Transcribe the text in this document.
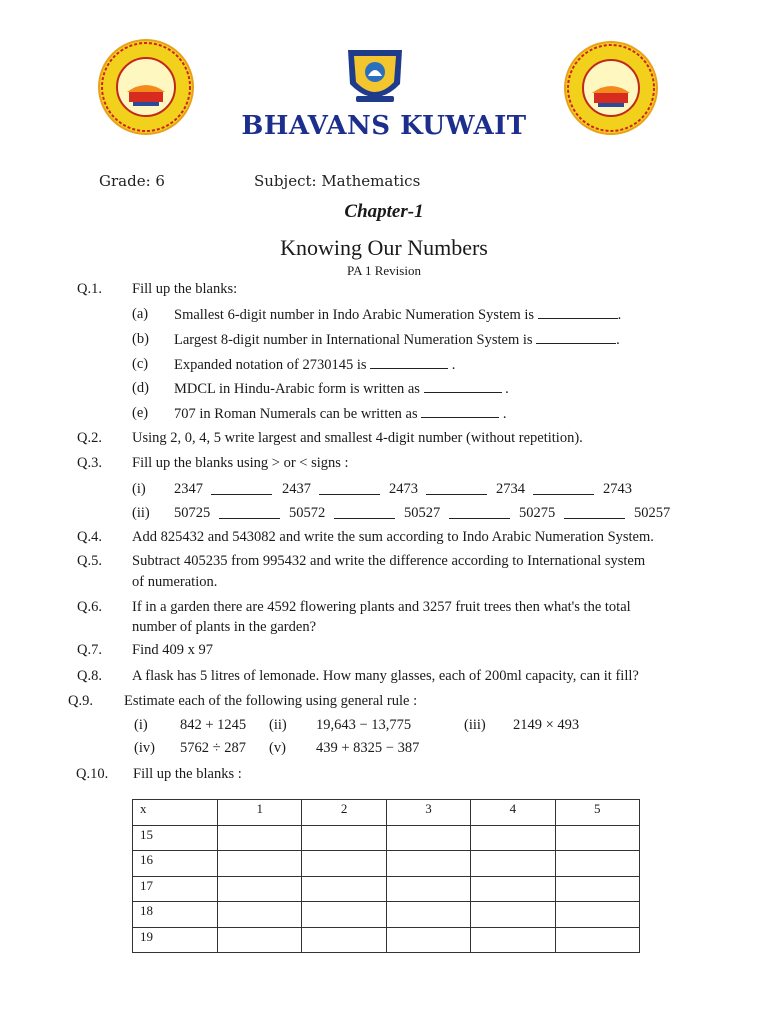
BHAVANS KUWAIT
Grade: 6	Subject: Mathematics
Chapter-1
Knowing Our Numbers
PA 1 Revision
Q.1. Fill up the blanks:
(a) Smallest 6-digit number in Indo Arabic Numeration System is	.
(b) Largest 8-digit number in International Numeration System is	.
(c) Expanded notation of 2730145 is	.
(d) MDCL in Hindu-Arabic form is written as	.
(e) 707 in Roman Numerals can be written as	.
Q.2. Using 2, 0, 4, 5 write largest and smallest 4-digit number (without repetition).
Q.3. Fill up the blanks using > or < signs :
(i) 2347	2437	2473	2734	2743
(ii) 50725	50572	50527	50275	50257
Q.4. Add 825432 and 543082 and write the sum according to Indo Arabic Numeration System.
Q.5. Subtract 405235 from 995432 and write the difference according to International system
of numeration.
Q.6. If in a garden there are 4592 flowering plants and 3257 fruit trees then what's the total
number of plants in the garden?
Q.7. Find 409 x 97
Q.8. A flask has 5 litres of lemonade. How many glasses, each of 200ml capacity, can it fill?
Q.9. Estimate each of the following using general rule :
(i) 842 + 1245 (ii) 19,643 − 13,775	(iii) 2149 × 493
(iv) 5762 ÷ 287 (v) 439 + 8325 − 387
Q.10. Fill up the blanks :
x	1	2	3	4	5
15					
16					
17					
18					
19					
